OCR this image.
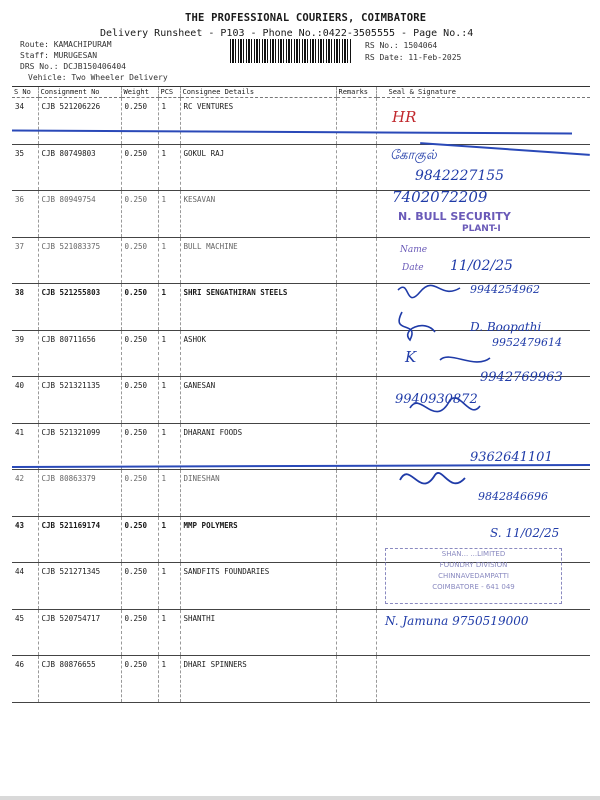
THE PROFESSIONAL COURIERS, COIMBATORE
Delivery Runsheet - P103 - Phone No.:0422-3505555 - Page No.:4
Route: KAMACHIPURAM
Staff: MURUGESAN
DRS No.: DCJB150406404
Vehicle: Two Wheeler Delivery
RS No.: 1504064
RS Date: 11-Feb-2025
S No	Consignment No	Weight	PCS	Consignee Details	Remarks	Seal & Signature
34	CJB 521206226	0.250	1	RC VENTURES		
35	CJB 80749803	0.250	1	GOKUL RAJ		
36	CJB 80949754	0.250	1	KESAVAN		
37	CJB 521083375	0.250	1	BULL MACHINE		
38	CJB 521255803	0.250	1	SHRI SENGATHIRAN STEELS		
39	CJB 80711656	0.250	1	ASHOK		
40	CJB 521321135	0.250	1	GANESAN		
41	CJB 521321099	0.250	1	DHARANI FOODS		
42	CJB 80863379	0.250	1	DINESHAN		
43	CJB 521169174	0.250	1	MMP POLYMERS		
44	CJB 521271345	0.250	1	SANDFITS FOUNDARIES		
45	CJB 520754717	0.250	1	SHANTHI		
46	CJB 80876655	0.250	1	DHARI SPINNERS		
HR
கோகுல்
9842227155
7402072209
N. BULL SECURITY
PLANT-I
Name
Date 11/02/25
9944254962
D. Boopathi
9952479614
K
9942769963
9940930872
9362641101
9842846696
S. 11/02/25
N. Jamuna 9750519000
SHAN... ...LIMITED
FOUNDRY DIVISION
CHINNAVEDAMPATTI
COIMBATORE - 641 049
